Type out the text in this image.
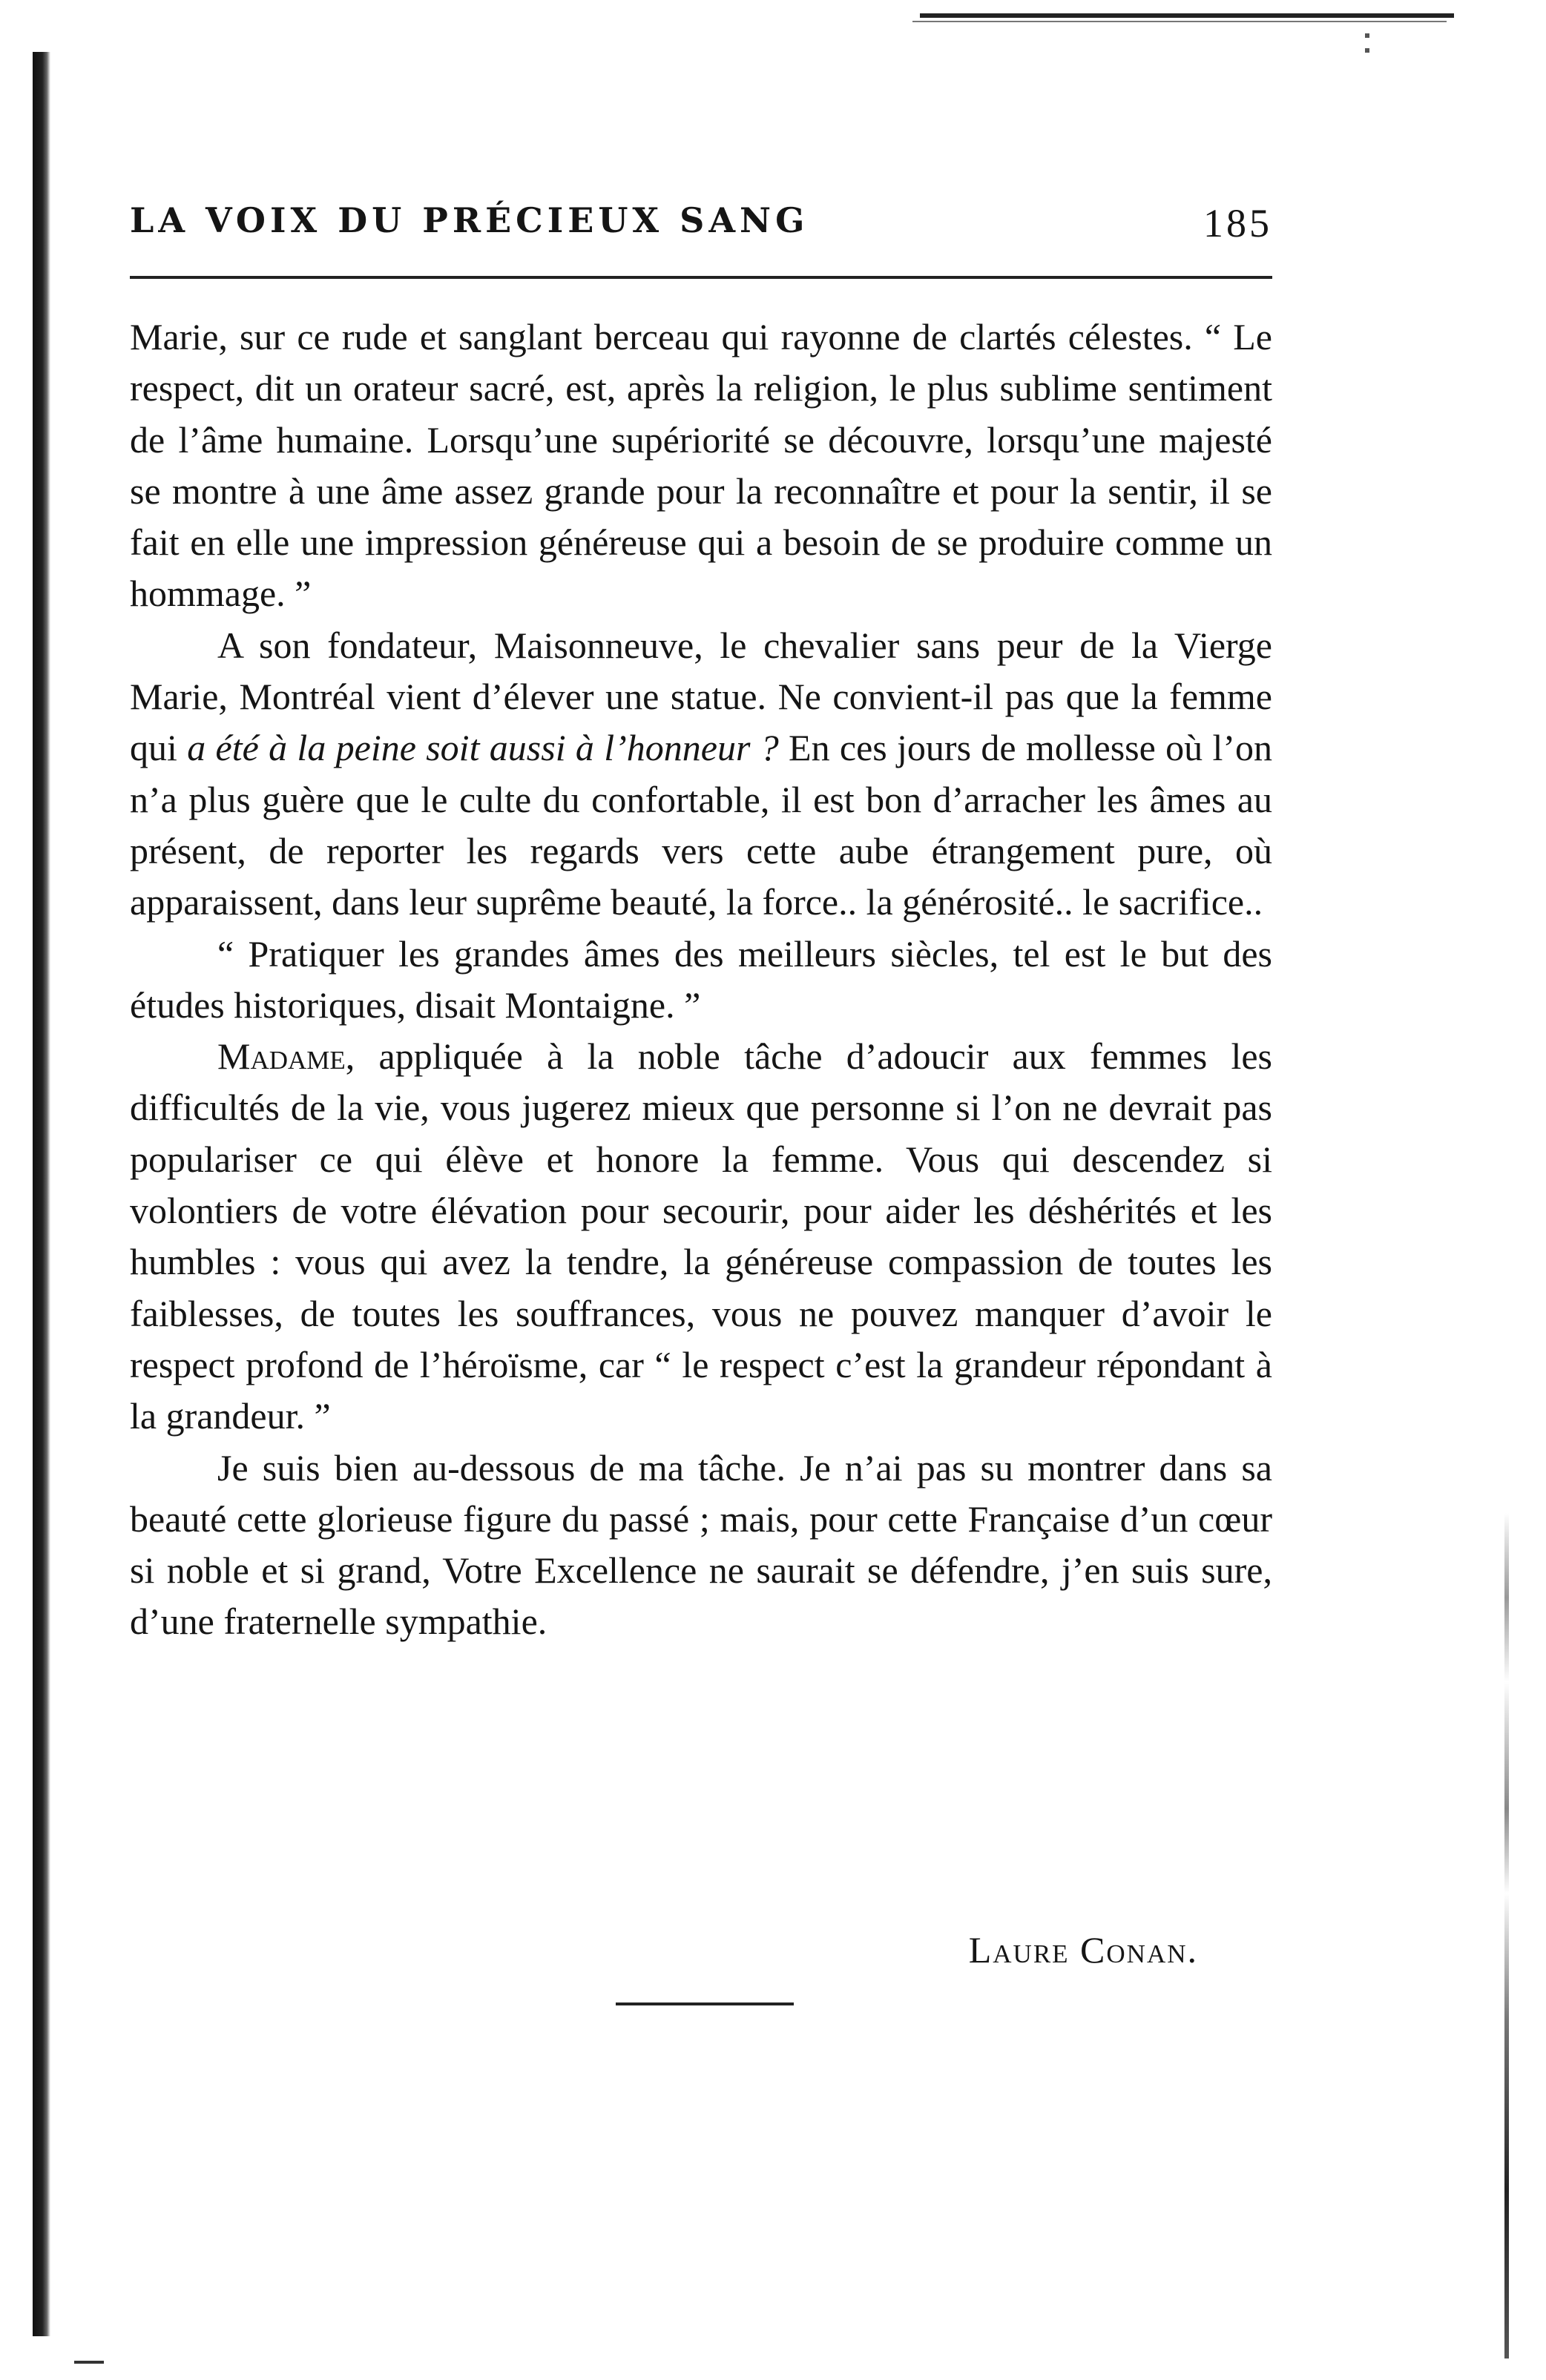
LA VOIX DU PRÉCIEUX SANG	185

Marie, sur ce rude et sanglant berceau qui rayonne de clartés célestes. “ Le respect, dit un orateur sacré, est, après la religion, le plus sublime sentiment de l’âme humaine. Lorsqu’une supériorité se découvre, lorsqu’une majesté se montre à une âme assez grande pour la reconnaître et pour la sentir, il se fait en elle une impression généreuse qui a besoin de se produire comme un hommage. ”

A son fondateur, Maisonneuve, le chevalier sans peur de la Vierge Marie, Montréal vient d’élever une statue. Ne convient-il pas que la femme qui a été à la peine soit aussi à l’honneur ? En ces jours de mollesse où l’on n’a plus guère que le culte du confortable, il est bon d’arracher les âmes au présent, de reporter les regards vers cette aube étrangement pure, où apparaissent, dans leur suprême beauté, la force.. la générosité.. le sacrifice..

“ Pratiquer les grandes âmes des meilleurs siècles, tel est le but des études historiques, disait Montaigne. ”

Madame, appliquée à la noble tâche d’adoucir aux femmes les difficultés de la vie, vous jugerez mieux que personne si l’on ne devrait pas populariser ce qui élève et honore la femme. Vous qui descendez si volontiers de votre élévation pour secourir, pour aider les déshérités et les humbles : vous qui avez la tendre, la généreuse compassion de toutes les faiblesses, de toutes les souffrances, vous ne pouvez manquer d’avoir le respect profond de l’héroïsme, car “ le respect c’est la grandeur répondant à la grandeur. ”

Je suis bien au-dessous de ma tâche. Je n’ai pas su montrer dans sa beauté cette glorieuse figure du passé ; mais, pour cette Française d’un cœur si noble et si grand, Votre Excellence ne saurait se défendre, j’en suis sure, d’une fraternelle sympathie.

Laure Conan.
